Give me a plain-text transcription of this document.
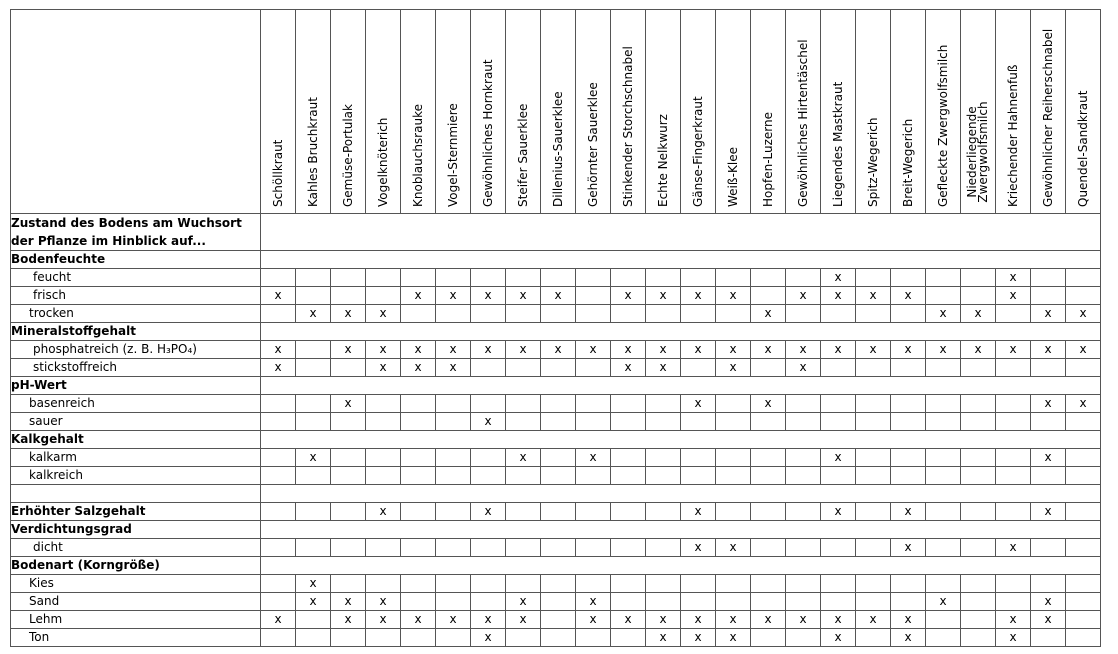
	Schöllkraut	Kahles Bruchkraut	Gemüse-Portulak	Vogelknöterich	Knoblauchsrauke	Vogel-Sternmiere	Gewöhnliches Hornkraut	Steifer Sauerklee	Dillenius-Sauerklee	Gehörnter Sauerklee	Stinkender Storchschnabel	Echte Nelkwurz	Gänse-Fingerkraut	Weiß-Klee	Hopfen-Luzerne	Gewöhnliches Hirtentäschel	Liegendes Mastkraut	Spitz-Wegerich	Breit-Wegerich	Gefleckte Zwergwolfsmilch	Niederliegende Zwergwolfsmilch	Kriechender Hahnenfuß	Gewöhnlicher Reiherschnabel	Quendel-Sandkraut

Zustand des Bodens am Wuchsort
der Pflanze im Hinblick auf...																								

Bodenfeuchte																								
feucht																	x					x		
frisch	x				x	x	x	x	x		x	x	x	x		x	x	x	x			x		
trocken		x	x	x											x					x	x		x	x
Mineralstoffgehalt																								
phosphatreich (z. B. H₃PO₄)	x		x	x	x	x	x	x	x	x	x	x	x	x	x	x	x	x	x	x	x	x	x	x
stickstoffreich	x			x	x	x					x	x		x		x								
pH-Wert																								
basenreich			x										x		x								x	x
sauer							x																	
Kalkgehalt																								
kalkarm		x						x		x							x						x	
kalkreich																								

Erhöhter Salzgehalt				x			x						x				x		x				x	
Verdichtungsgrad																								
dicht													x	x					x			x		
Bodenart (Korngröße)																								
Kies		x																						
Sand		x	x	x				x		x										x			x	
Lehm	x		x	x	x	x	x	x		x	x	x	x	x	x	x	x	x	x			x	x	
Ton							x					x	x	x			x		x			x		
